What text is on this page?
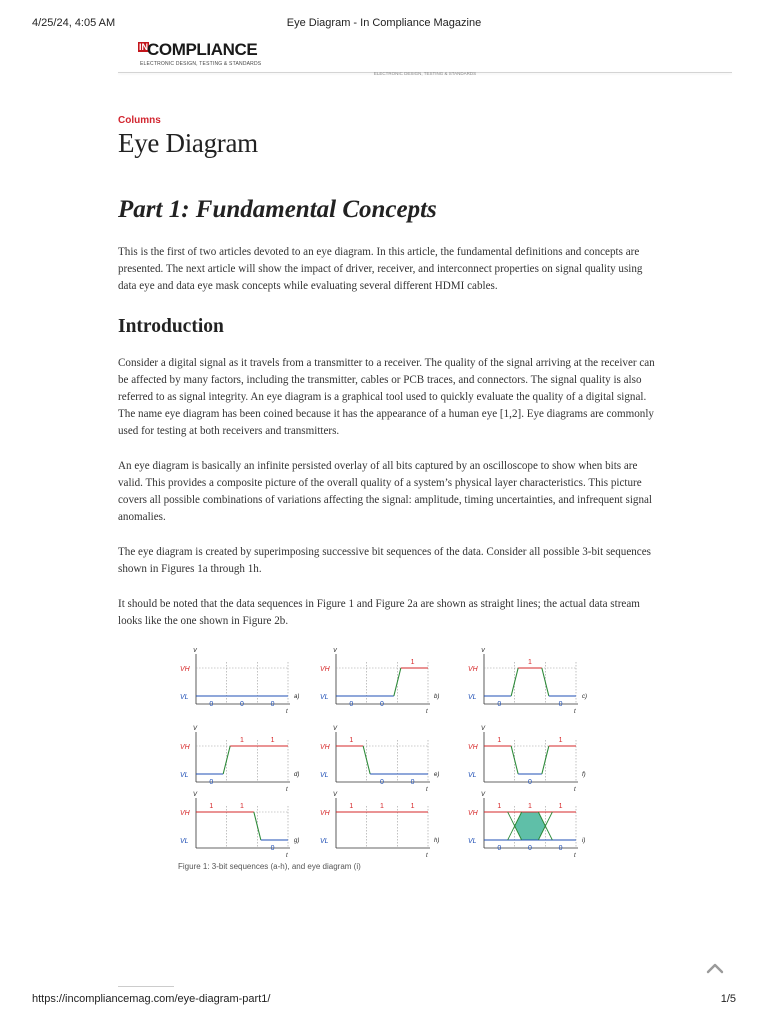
4/25/24, 4:05 AM	Eye Diagram - In Compliance Magazine
IN COMPLIANCE
ELECTRONIC DESIGN, TESTING & STANDARDS
ELECTRONIC DESIGN, TESTING & STANDARDS
Columns
Eye Diagram
Part 1: Fundamental Concepts
This is the first of two articles devoted to an eye diagram. In this article, the fundamental definitions and concepts are presented. The next article will show the impact of driver, receiver, and interconnect properties on signal quality using data eye and data eye mask concepts while evaluating several different HDMI cables.
Introduction
Consider a digital signal as it travels from a transmitter to a receiver. The quality of the signal arriving at the receiver can be affected by many factors, including the transmitter, cables or PCB traces, and connectors. The signal quality is also referred to as signal integrity. An eye diagram is a graphical tool used to quickly evaluate the quality of a digital signal. The name eye diagram has been coined because it has the appearance of a human eye [1,2]. Eye diagrams are commonly used for testing at both receivers and transmitters.
An eye diagram is basically an infinite persisted overlay of all bits captured by an oscilloscope to show when bits are valid. This provides a composite picture of the overall quality of a system’s physical layer characteristics. This picture covers all possible combinations of variations affecting the signal: amplitude, timing uncertainties, and infrequent signal anomalies.
The eye diagram is created by superimposing successive bit sequences of the data. Consider all possible 3-bit sequences shown in Figures 1a through 1h.
It should be noted that the data sequences in Figure 1 and Figure 2a are shown as straight lines; the actual data stream looks like the one shown in Figure 2b.
V
t
VH
VL	a)
0	0	0
V
t
VH
VL	b)
0	0
1
V
t
VH
VL	c)
0
1
0
V
t
VH
VL	d)
0
1	1
V
t
VH
VL	e)
1
0	0
V
t
VH
VL	f)
1
0
1
V
t
VH
VL	g)
1	1
0
V
t
VH
VL	h)
1	1	1
V
t
VH
VL	i)
1	1	1
0	0	0
Figure 1: 3-bit sequences (a-h), and eye diagram (i)
https://incompliancemag.com/eye-diagram-part1/	1/5
